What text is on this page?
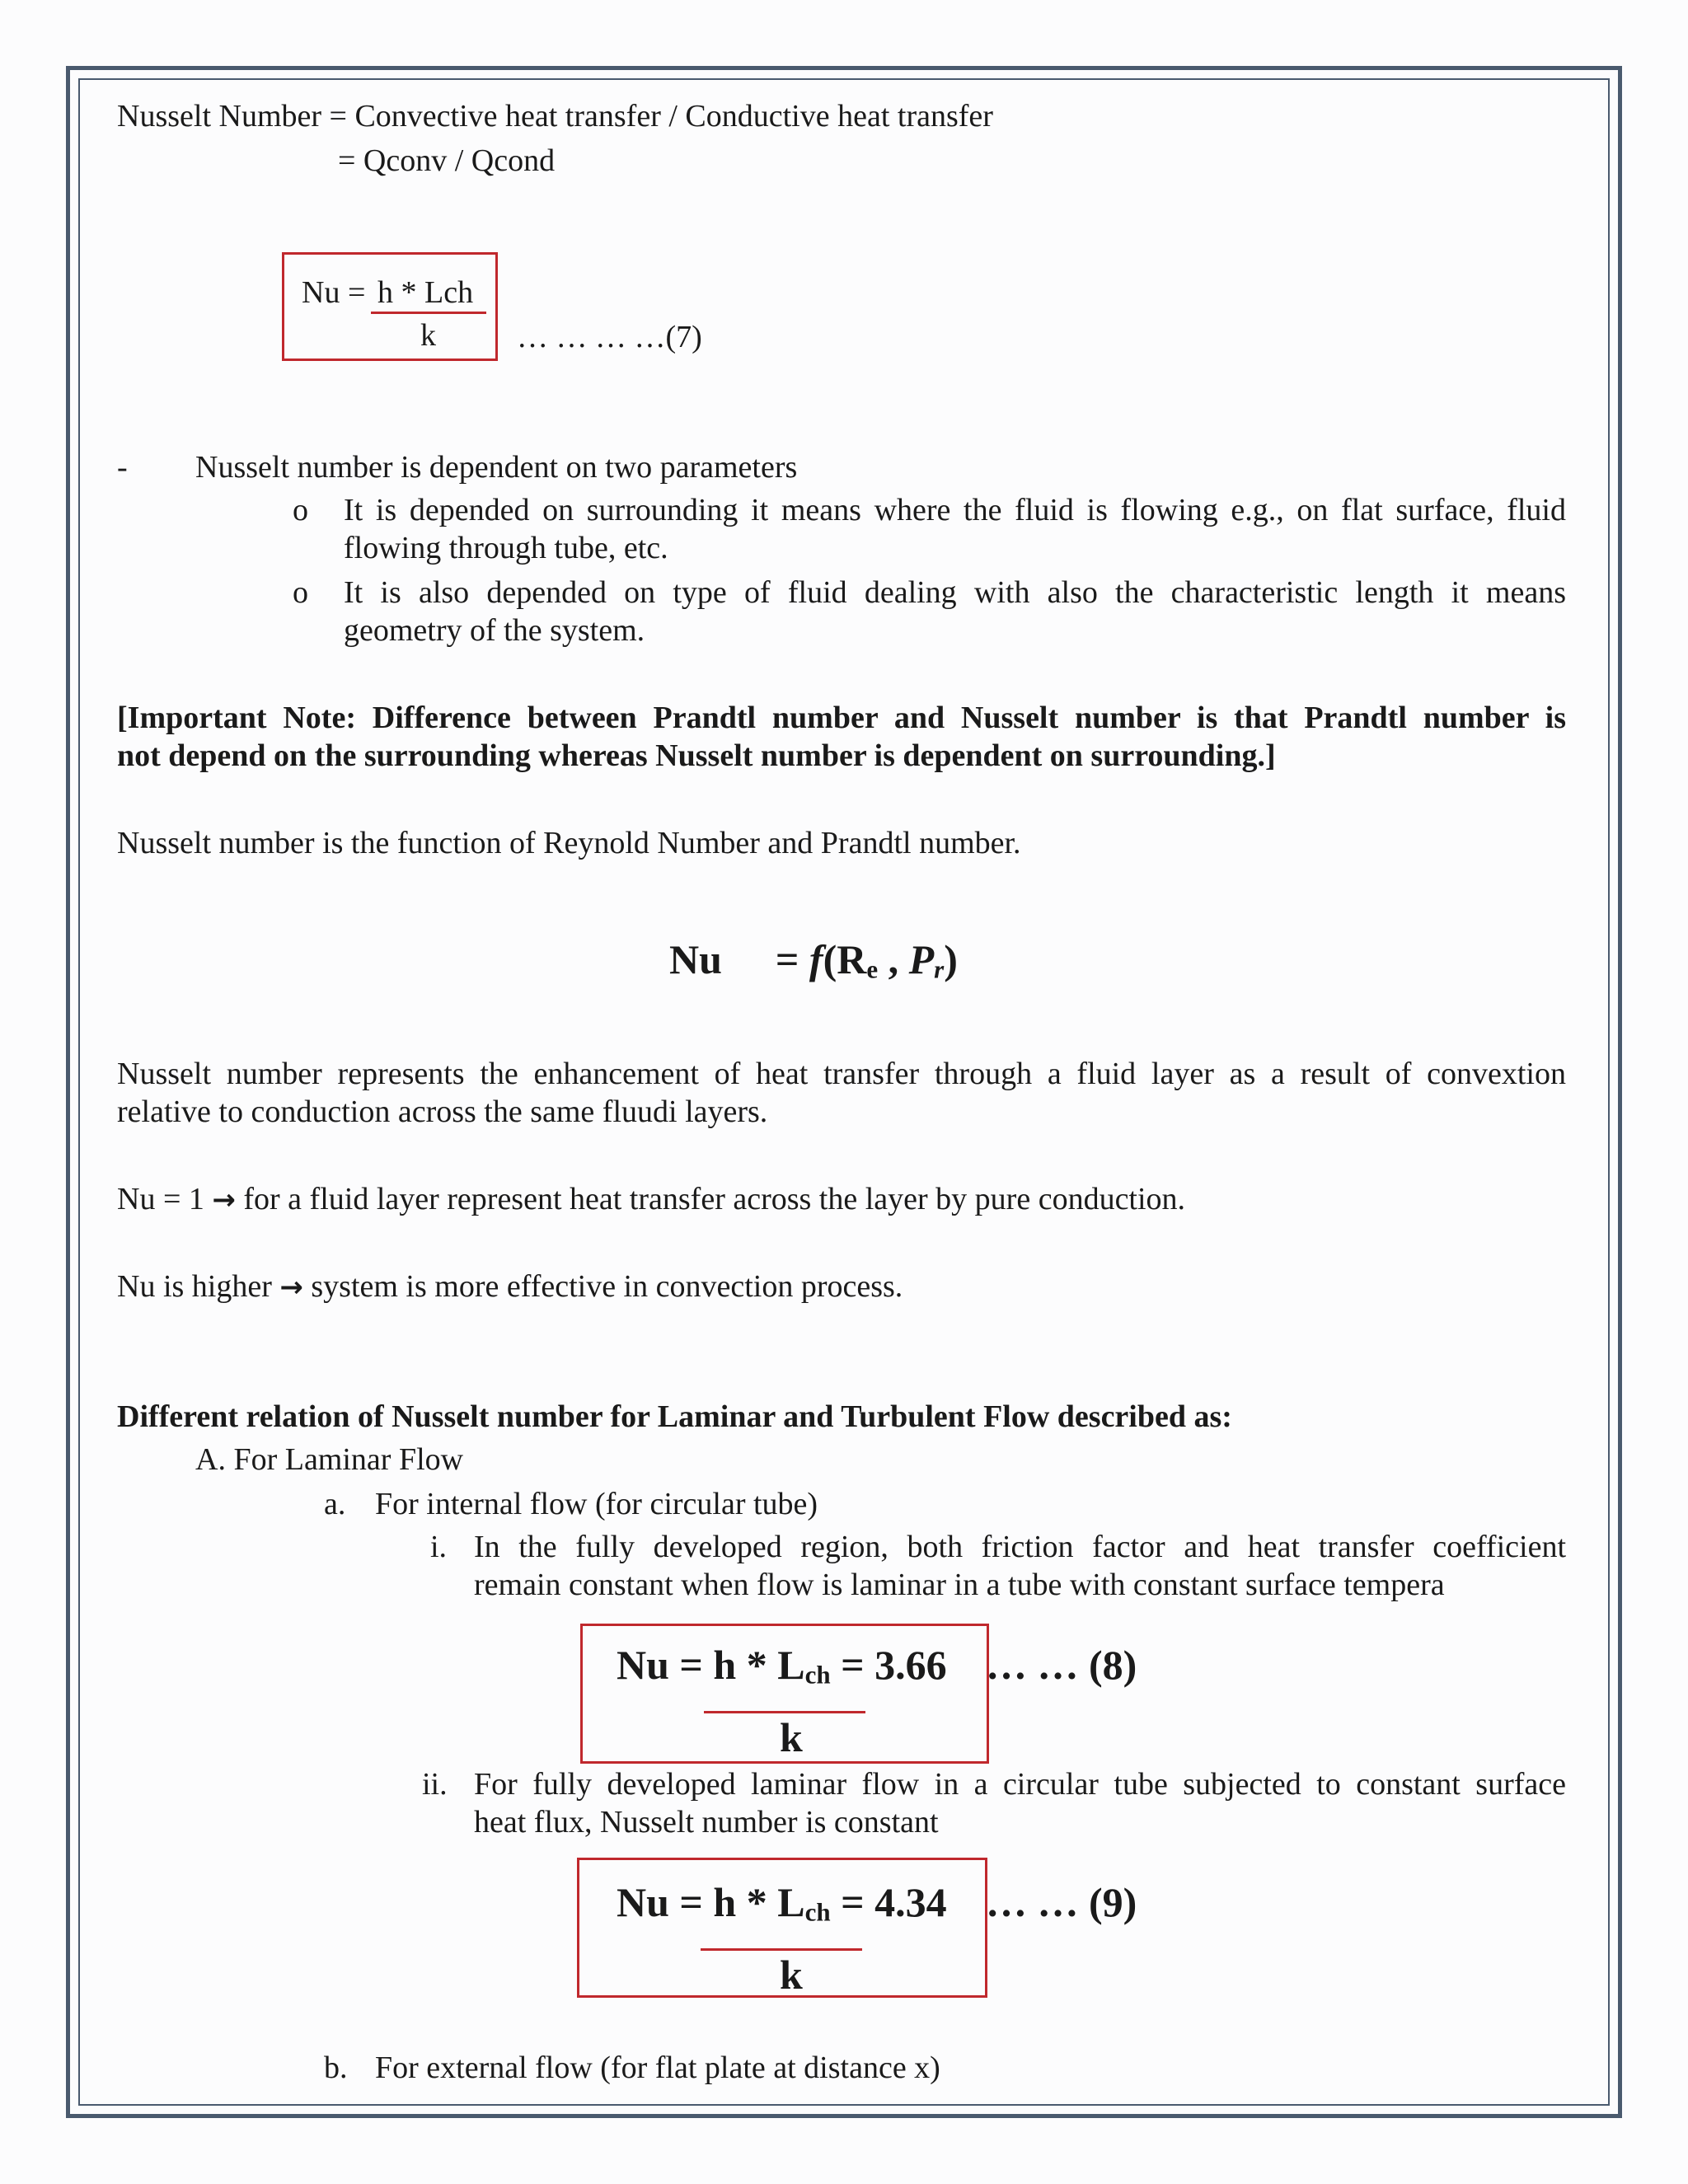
Nusselt Number = Convective heat transfer / Conductive heat transfer
= Qconv / Qcond
Nu = h * Lch
k	… … … …(7)
- Nusselt number is dependent on two parameters
o It is depended on surrounding it means where the fluid is flowing e.g., on flat surface, fluid
flowing through tube, etc.
o It is also depended on type of fluid dealing with also the characteristic length it means
geometry of the system.
[Important Note: Difference between Prandtl number and Nusselt number is that Prandtl number is
not depend on the surrounding whereas Nusselt number is dependent on surrounding.]
Nusselt number is the function of Reynold Number and Prandtl number.
Nu = f(Re , Pr)
Nusselt number represents the enhancement of heat transfer through a fluid layer as a result of convextion
relative to conduction across the same fluudi layers.
Nu = 1 → for a fluid layer represent heat transfer across the layer by pure conduction.
Nu is higher → system is more effective in convection process.
Different relation of Nusselt number for Laminar and Turbulent Flow described as:
A. For Laminar Flow
a. For internal flow (for circular tube)
i. In the fully developed region, both friction factor and heat transfer coefficient
remain constant when flow is laminar in a tube with constant surface tempera
Nu = h * Lch = 3.66
k
… … (8)
ii. For fully developed laminar flow in a circular tube subjected to constant surface
heat flux, Nusselt number is constant
Nu = h * Lch = 4.34
k
… … (9)
b. For external flow (for flat plate at distance x)
